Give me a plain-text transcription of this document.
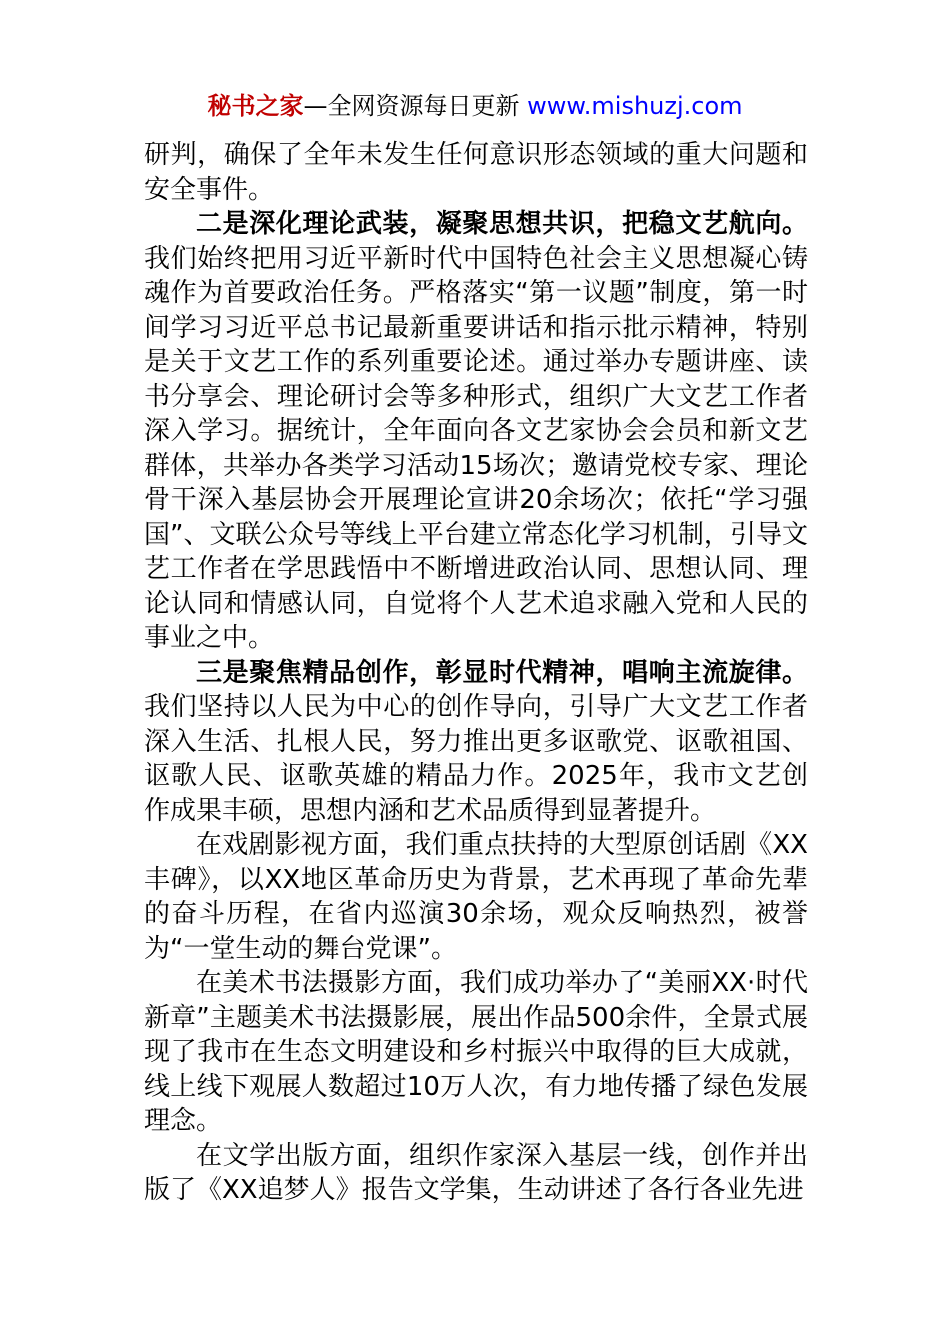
秘书之家—全网资源每日更新 www.mishuzj.com

研判，确保了全年未发生任何意识形态领域的重大问题和安全事件。

二是深化理论武装，凝聚思想共识，把稳文艺航向。我们始终把用习近平新时代中国特色社会主义思想凝心铸魂作为首要政治任务。严格落实“第一议题”制度，第一时间学习习近平总书记最新重要讲话和指示批示精神，特别是关于文艺工作的系列重要论述。通过举办专题讲座、读书分享会、理论研讨会等多种形式，组织广大文艺工作者深入学习。据统计，全年面向各文艺家协会会员和新文艺群体，共举办各类学习活动15场次；邀请党校专家、理论骨干深入基层协会开展理论宣讲20余场次；依托“学习强国”、文联公众号等线上平台建立常态化学习机制，引导文艺工作者在学思践悟中不断增进政治认同、思想认同、理论认同和情感认同，自觉将个人艺术追求融入党和人民的事业之中。

三是聚焦精品创作，彰显时代精神，唱响主流旋律。我们坚持以人民为中心的创作导向，引导广大文艺工作者深入生活、扎根人民，努力推出更多讴歌党、讴歌祖国、讴歌人民、讴歌英雄的精品力作。2025年，我市文艺创作成果丰硕，思想内涵和艺术品质得到显著提升。

在戏剧影视方面，我们重点扶持的大型原创话剧《XX丰碑》，以XX地区革命历史为背景，艺术再现了革命先辈的奋斗历程，在省内巡演30余场，观众反响热烈，被誉为“一堂生动的舞台党课”。

在美术书法摄影方面，我们成功举办了“美丽XX·时代新章”主题美术书法摄影展，展出作品500余件，全景式展现了我市在生态文明建设和乡村振兴中取得的巨大成就，线上线下观展人数超过10万人次，有力地传播了绿色发展理念。

在文学出版方面，组织作家深入基层一线，创作并出版了《XX追梦人》报告文学集，生动讲述了各行各业先进
